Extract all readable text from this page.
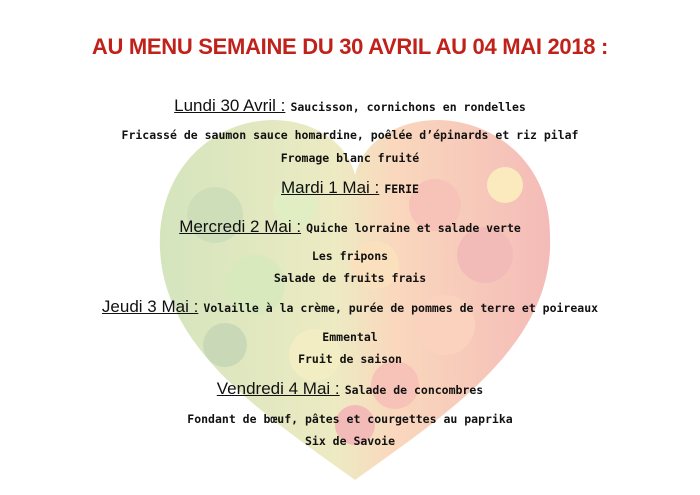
AU MENU SEMAINE DU 30 AVRIL AU 04 MAI 2018 :
Lundi 30 Avril : Saucisson, cornichons en rondelles
Fricassé de saumon sauce homardine, poêlée d’épinards et riz pilaf
Fromage blanc fruité
Mardi 1 Mai : FERIE
Mercredi 2 Mai : Quiche lorraine et salade verte
Les fripons
Salade de fruits frais
Jeudi 3 Mai : Volaille à la crème, purée de pommes de terre et poireaux
Emmental
Fruit de saison
Vendredi 4 Mai : Salade de concombres
Fondant de bœuf, pâtes et courgettes au paprika
Six de Savoie
